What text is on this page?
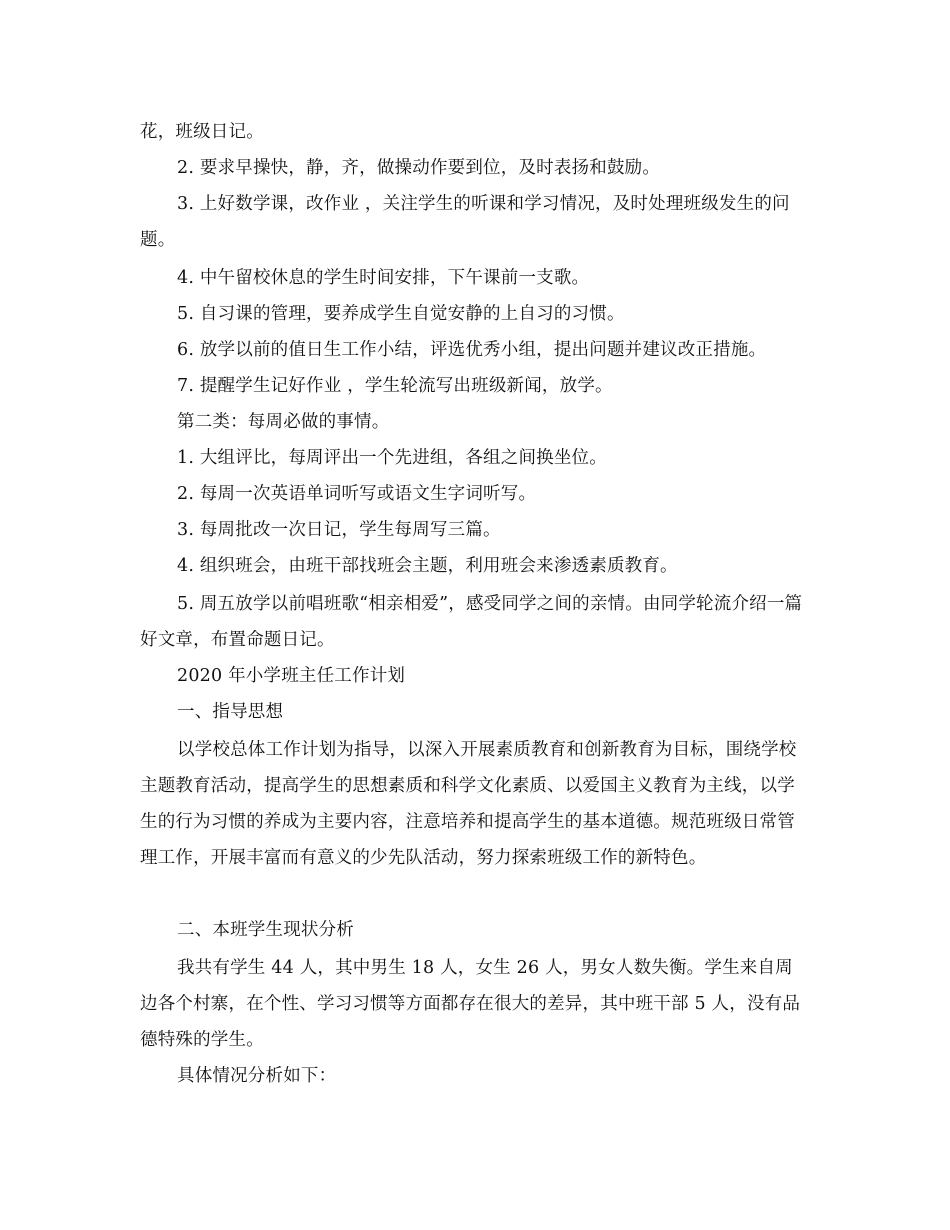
花，班级日记。

2. 要求早操快，静，齐，做操动作要到位，及时表扬和鼓励。

3. 上好数学课，改作业 ，关注学生的听课和学习情况，及时处理班级发生的问题。

4. 中午留校休息的学生时间安排，下午课前一支歌。

5. 自习课的管理，要养成学生自觉安静的上自习的习惯。

6. 放学以前的值日生工作小结，评选优秀小组，提出问题并建议改正措施。

7. 提醒学生记好作业 ，学生轮流写出班级新闻，放学。

第二类：每周必做的事情。

1. 大组评比，每周评出一个先进组，各组之间换坐位。

2. 每周一次英语单词听写或语文生字词听写。

3. 每周批改一次日记，学生每周写三篇。

4. 组织班会，由班干部找班会主题，利用班会来渗透素质教育。

5. 周五放学以前唱班歌“相亲相爱”，感受同学之间的亲情。由同学轮流介绍一篇好文章，布置命题日记。

2020 年小学班主任工作计划

一、指导思想

以学校总体工作计划为指导，以深入开展素质教育和创新教育为目标，围绕学校主题教育活动，提高学生的思想素质和科学文化素质、以爱国主义教育为主线，以学生的行为习惯的养成为主要内容，注意培养和提高学生的基本道德。规范班级日常管理工作，开展丰富而有意义的少先队活动，努力探索班级工作的新特色。

二、本班学生现状分析

我共有学生 44 人，其中男生 18 人，女生 26 人，男女人数失衡。学生来自周边各个村寨，在个性、学习习惯等方面都存在很大的差异，其中班干部 5 人，没有品德特殊的学生。

具体情况分析如下：
